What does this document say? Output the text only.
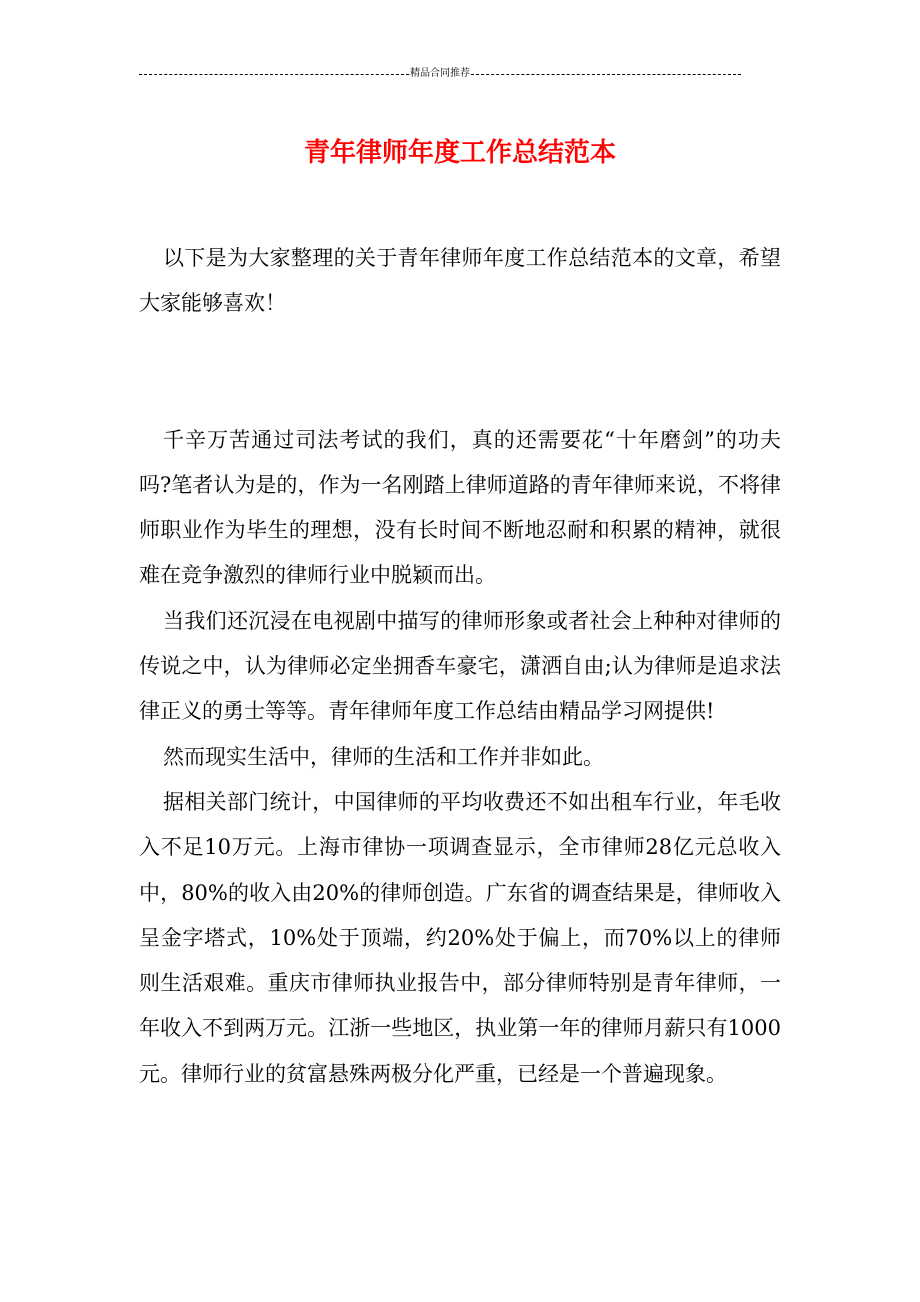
精品合同推荐
青年律师年度工作总结范本

以下是为大家整理的关于青年律师年度工作总结范本的文章，希望大家能够喜欢！

千辛万苦通过司法考试的我们，真的还需要花“十年磨剑”的功夫吗?笔者认为是的，作为一名刚踏上律师道路的青年律师来说，不将律师职业作为毕生的理想，没有长时间不断地忍耐和积累的精神，就很难在竞争激烈的律师行业中脱颖而出。

当我们还沉浸在电视剧中描写的律师形象或者社会上种种对律师的传说之中，认为律师必定坐拥香车豪宅，潇洒自由;认为律师是追求法律正义的勇士等等。青年律师年度工作总结由精品学习网提供!

然而现实生活中，律师的生活和工作并非如此。

据相关部门统计，中国律师的平均收费还不如出租车行业，年毛收入不足10万元。上海市律协一项调查显示，全市律师28亿元总收入中，80%的收入由20%的律师创造。广东省的调查结果是，律师收入呈金字塔式，10%处于顶端，约20%处于偏上，而70%以上的律师则生活艰难。重庆市律师执业报告中，部分律师特别是青年律师，一年收入不到两万元。江浙一些地区，执业第一年的律师月薪只有1000元。律师行业的贫富悬殊两极分化严重，已经是一个普遍现象。
